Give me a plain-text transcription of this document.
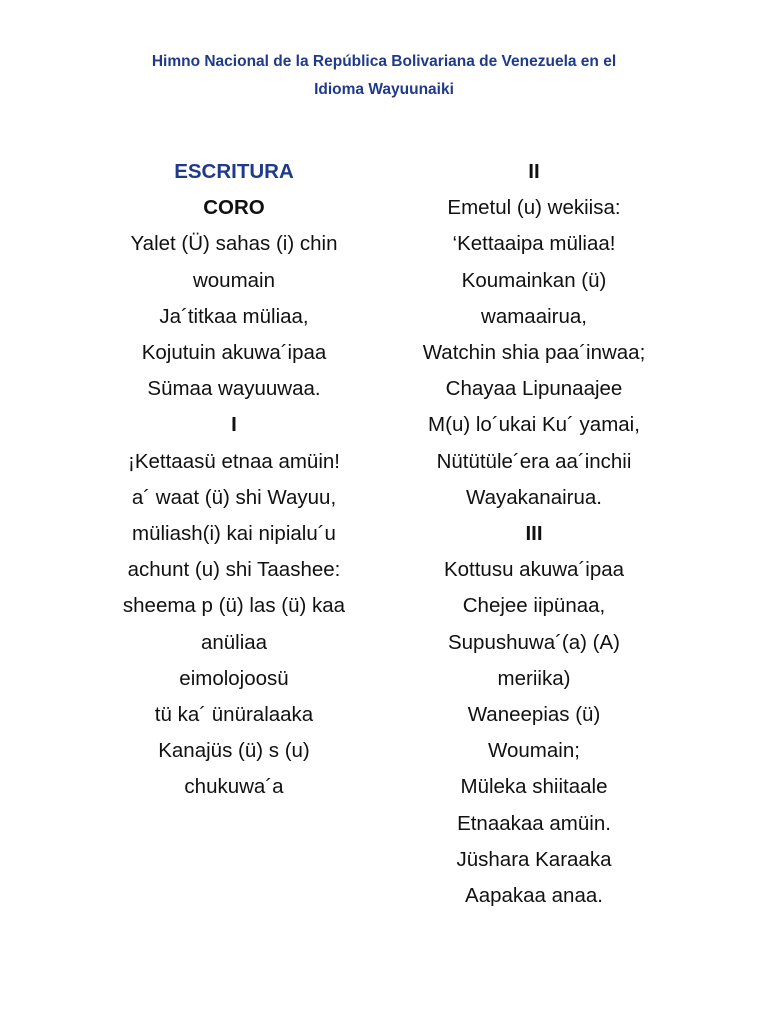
Himno Nacional de la República Bolivariana de Venezuela en el
Idioma Wayuunaiki
ESCRITURA
CORO
Yalet (Ü) sahas (i) chin
woumain
Ja´titkaa müliaa,
Kojutuin akuwa´ipaa
Sümaa wayuuwaa.
I
¡Kettaasü etnaa amüin!
a´ waat (ü) shi Wayuu,
müliash(i) kai nipialu´u
achunt (u) shi Taashee:
sheema p (ü) las (ü) kaa
anüliaa
eimolojoosü
tü ka´ ünüralaaka
Kanajüs (ü) s (u)
chukuwa´a
II
Emetul (u) wekiisa:
‘Kettaaipa müliaa!
Koumainkan (ü)
wamaairua,
Watchin shia paa´inwaa;
Chayaa Lipunaajee
M(u) lo´ukai Ku´ yamai,
Nütütüle´era aa´inchii
Wayakanairua.
III
Kottusu akuwa´ipaa
Chejee iipünaa,
Supushuwa´(a) (A)
meriika)
Waneepias (ü)
Woumain;
Müleka shiitaale
Etnaakaa amüin.
Jüshara Karaaka
Aapakaa anaa.
